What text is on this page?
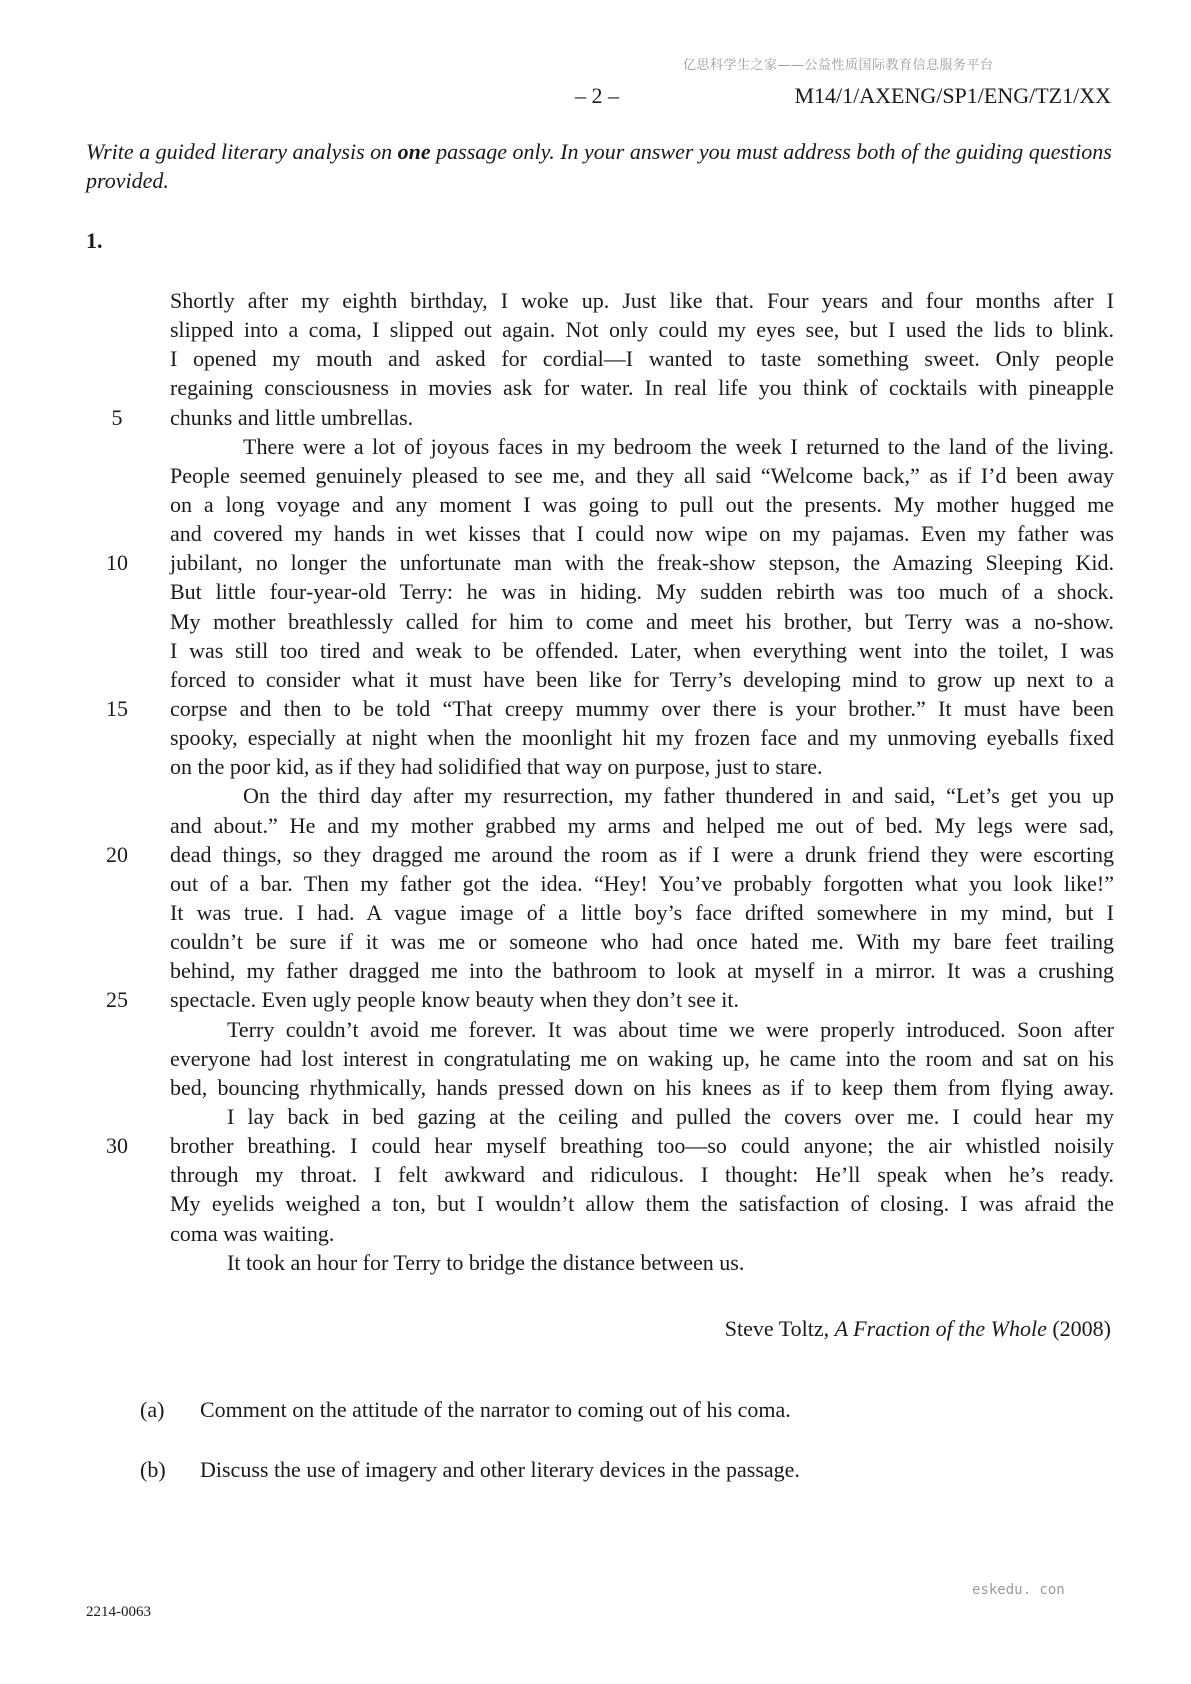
亿思科学生之家——公益性质国际教育信息服务平台
– 2 –	M14/1/AXENG/SP1/ENG/TZ1/XX
Write a guided literary analysis on one passage only. In your answer you must address both of the guiding questions provided.
1.
Shortly after my eighth birthday, I woke up. Just like that. Four years and four months after I
slipped into a coma, I slipped out again. Not only could my eyes see, but I used the lids to blink.
I opened my mouth and asked for cordial—I wanted to taste something sweet. Only people
regaining consciousness in movies ask for water. In real life you think of cocktails with pineapple
5	chunks and little umbrellas.
There were a lot of joyous faces in my bedroom the week I returned to the land of the living.
People seemed genuinely pleased to see me, and they all said “Welcome back,” as if I’d been away
on a long voyage and any moment I was going to pull out the presents. My mother hugged me
and covered my hands in wet kisses that I could now wipe on my pajamas. Even my father was
10	jubilant, no longer the unfortunate man with the freak-show stepson, the Amazing Sleeping Kid.
But little four-year-old Terry: he was in hiding. My sudden rebirth was too much of a shock.
My mother breathlessly called for him to come and meet his brother, but Terry was a no-show.
I was still too tired and weak to be offended. Later, when everything went into the toilet, I was
forced to consider what it must have been like for Terry’s developing mind to grow up next to a
15	corpse and then to be told “That creepy mummy over there is your brother.” It must have been
spooky, especially at night when the moonlight hit my frozen face and my unmoving eyeballs fixed
on the poor kid, as if they had solidified that way on purpose, just to stare.
On the third day after my resurrection, my father thundered in and said, “Let’s get you up
and about.” He and my mother grabbed my arms and helped me out of bed. My legs were sad,
20	dead things, so they dragged me around the room as if I were a drunk friend they were escorting
out of a bar. Then my father got the idea. “Hey! You’ve probably forgotten what you look like!”
It was true. I had. A vague image of a little boy’s face drifted somewhere in my mind, but I
couldn’t be sure if it was me or someone who had once hated me. With my bare feet trailing
behind, my father dragged me into the bathroom to look at myself in a mirror. It was a crushing
25	spectacle. Even ugly people know beauty when they don’t see it.
Terry couldn’t avoid me forever. It was about time we were properly introduced. Soon after
everyone had lost interest in congratulating me on waking up, he came into the room and sat on his
bed, bouncing rhythmically, hands pressed down on his knees as if to keep them from flying away.
I lay back in bed gazing at the ceiling and pulled the covers over me. I could hear my
30	brother breathing. I could hear myself breathing too—so could anyone; the air whistled noisily
through my throat. I felt awkward and ridiculous. I thought: He’ll speak when he’s ready.
My eyelids weighed a ton, but I wouldn’t allow them the satisfaction of closing. I was afraid the
coma was waiting.
It took an hour for Terry to bridge the distance between us.
Steve Toltz, A Fraction of the Whole (2008)
(a) Comment on the attitude of the narrator to coming out of his coma.
(b) Discuss the use of imagery and other literary devices in the passage.
2214-0063
eskedu. con
